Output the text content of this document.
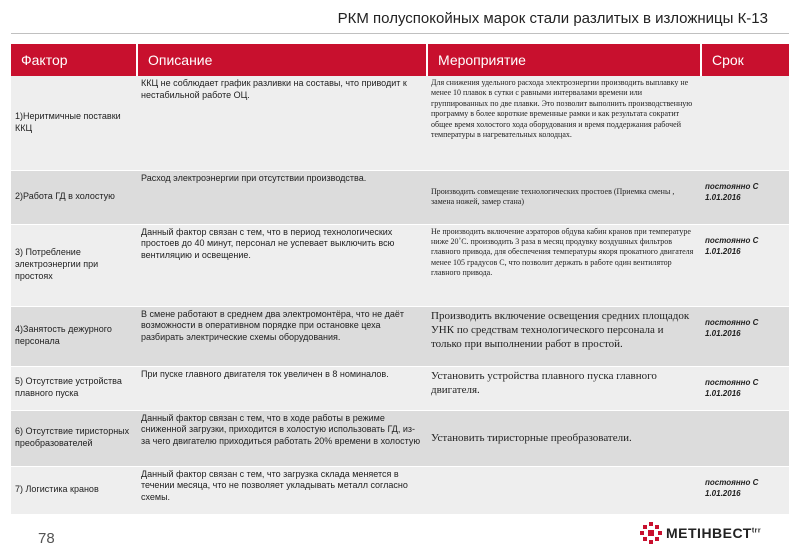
РКМ полуспокойных марок стали разлитых в изложницы К-13
Фактор	Описание	Мероприятие	Срок
1)Неритмичные поставки ККЦ	ККЦ не соблюдает график разливки на составы, что приводит к нестабильной работе ОЦ.	Для снижения удельного расхода электроэнергии производить выплавку не менее 10 плавок в сутки с равными интервалами времени или группированных по две плавки. Это позволит выполнить производственную программу в более короткие временные рамки и как результата сократит общее время холостого хода оборудования и время поддержания рабочей температуры в нагревательных колодцах.	
2)Работа ГД в холостую	Расход электроэнергии при отсутствии производства.	Производить совмещение технологических простоев (Приемка смены , замена ножей, замер стана)	постоянно С 1.01.2016
3) Потребление электроэнергии при простоях	Данный фактор связан с тем, что в период технологических простоев до 40 минут, персонал не успевает выключить всю вентиляцию и освещение.	Не производить включение аэраторов обдува кабин кранов при температуре ниже 20˚С. производить 3 раза в месяц продувку воздушных фильтров главного привода, для обеспечения температуры якоря прокатного двигателя менее 105 градусов С, что позволит держать в работе один вентилятор главного привода.	постоянно С 1.01.2016
4)Занятость дежурного персонала	В смене работают в среднем два электромонтёра, что не даёт возможности в оперативном порядке при остановке цеха разбирать электрические схемы оборудования.	Производить включение освещения средних площадок УНК по средствам технологического персонала и только при выполнении работ в простой.	постоянно С 1.01.2016
5) Отсутствие устройства плавного пуска	При пуске главного двигателя ток увеличен в 8 номиналов.	Установить устройства плавного пуска главного двигателя.	постоянно С 1.01.2016
6) Отсутствие тиристорных преобразователей	Данный фактор связан с тем, что в ходе работы в режиме сниженной загрузки, приходится в холостую использовать ГД, из-за чего двигателю приходиться работать 20% времени в холостую	Установить тиристорные преобразователи.	
7) Логистика кранов	Данный фактор связан с тем, что загрузка склада меняется в течении месяца, что не позволяет укладывать металл согласно схемы.		постоянно С 1.01.2016
78	$МЕТІНВЕСТ^{trr}$
